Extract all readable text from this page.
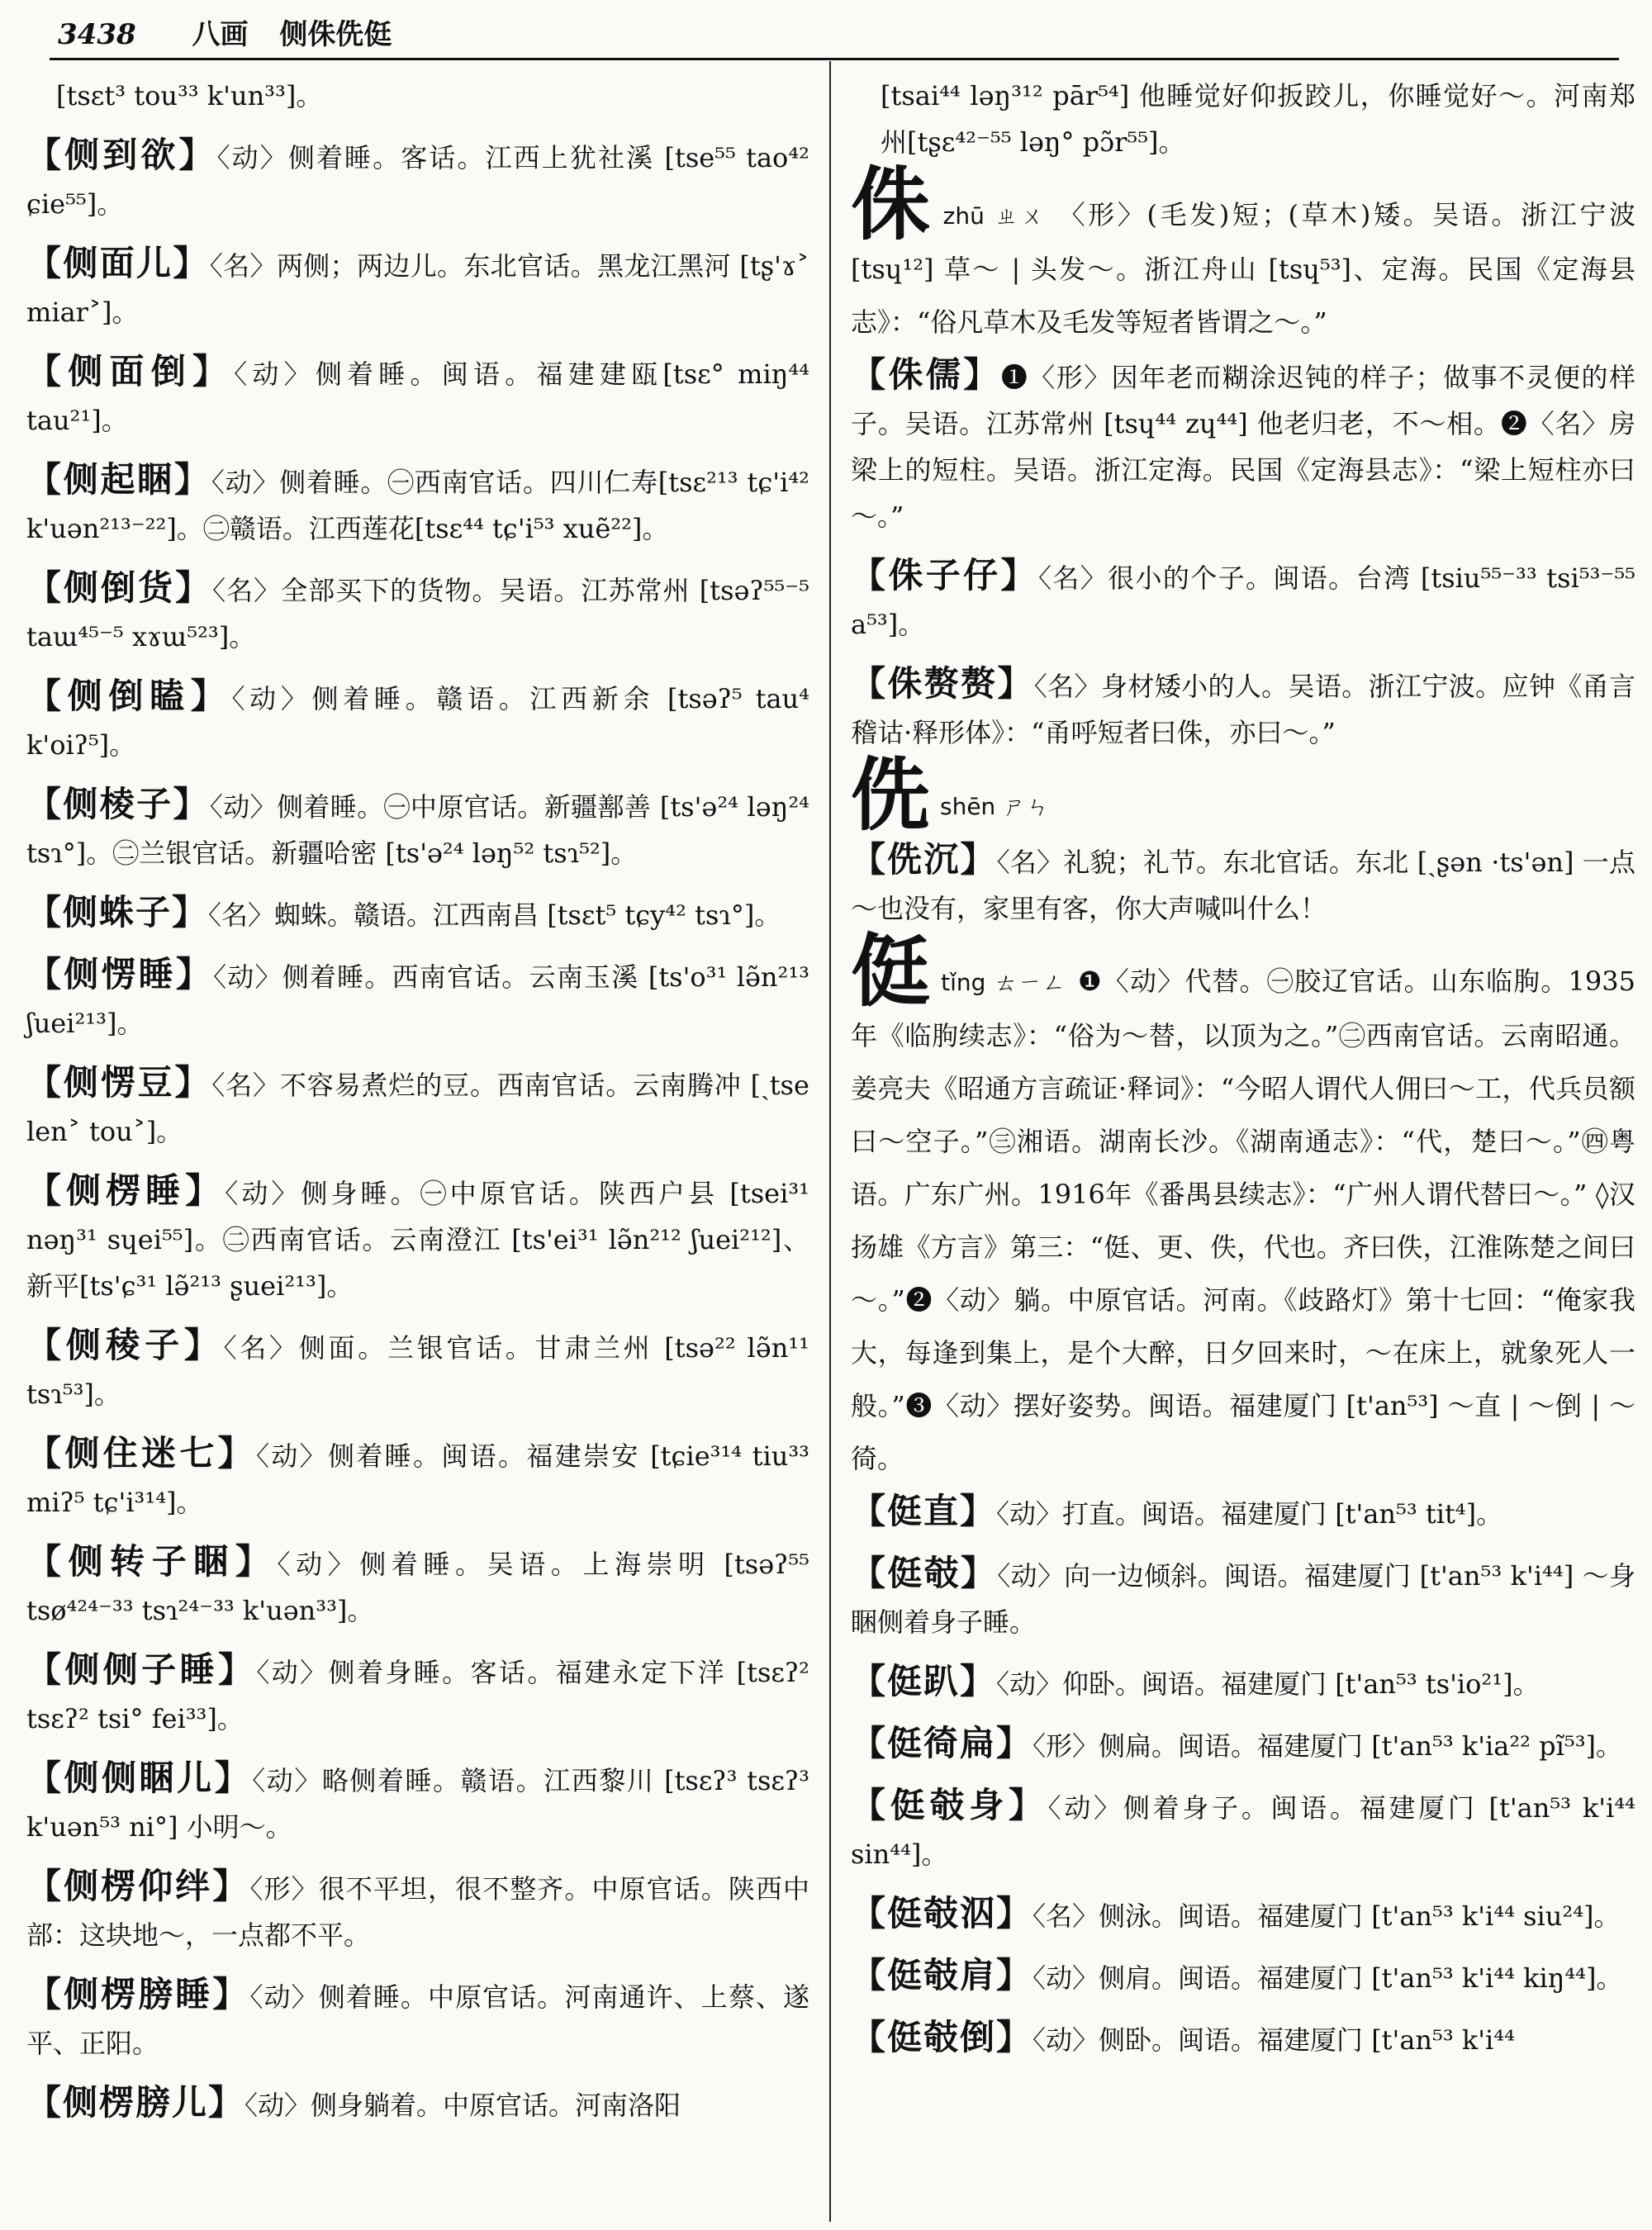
3438 八画 侧侏侁侹
[tsɛt³ tou³³ k'un³³]。
【侧到欲】〈动〉侧着睡。客话。江西上犹社溪 [tse⁵⁵ tao⁴² ɕie⁵⁵]。
【侧面儿】〈名〉两侧；两边儿。东北官话。黑龙江黑河 [tʂ'ɤ˃ miar˃]。
【侧面倒】〈动〉侧着睡。闽语。福建建瓯[tsɛ° miŋ⁴⁴ tau²¹]。
【侧起睏】〈动〉侧着睡。㊀西南官话。四川仁寿[tsɛ²¹³ tɕ'i⁴² k'uən²¹³⁻²²]。㊁赣语。江西莲花[tsɛ⁴⁴ tɕ'i⁵³ xuẽ²²]。
【侧倒货】〈名〉全部买下的货物。吴语。江苏常州 [tsəʔ⁵⁵⁻⁵ taɯ⁴⁵⁻⁵ xɤɯ⁵²³]。
【侧倒瞌】〈动〉侧着睡。赣语。江西新余 [tsəʔ⁵ tau⁴ k'oiʔ⁵]。
【侧棱子】〈动〉侧着睡。㊀中原官话。新疆鄯善 [ts'ə²⁴ ləŋ²⁴ tsɿ°]。㊁兰银官话。新疆哈密 [ts'ə²⁴ ləŋ⁵² tsɿ⁵²]。
【侧蛛子】〈名〉蜘蛛。赣语。江西南昌 [tsɛt⁵ tɕy⁴² tsɿ°]。
【侧愣睡】〈动〉侧着睡。西南官话。云南玉溪 [ts'o³¹ lə̃n²¹³ ʃuei²¹³]。
【侧愣豆】〈名〉不容易煮烂的豆。西南官话。云南腾冲 [ˏtse len˃ tou˃]。
【侧楞睡】〈动〉侧身睡。㊀中原官话。陕西户县 [tsei³¹ nəŋ³¹ sɥei⁵⁵]。㊁西南官话。云南澄江 [ts'ei³¹ lə̃n²¹² ʃuei²¹²]、新平[ts'ɕ³¹ lə̃²¹³ ʂuei²¹³]。
【侧稜子】〈名〉侧面。兰银官话。甘肃兰州 [tsə²² lə̃n¹¹ tsɿ⁵³]。
【侧住迷七】〈动〉侧着睡。闽语。福建崇安 [tɕie³¹⁴ tiu³³ miʔ⁵ tɕ'i³¹⁴]。
【侧转子睏】〈动〉侧着睡。吴语。上海崇明 [tsəʔ⁵⁵ tsø⁴²⁴⁻³³ tsɿ²⁴⁻³³ k'uən³³]。
【侧侧子睡】〈动〉侧着身睡。客话。福建永定下洋 [tsɛʔ² tsɛʔ² tsi° fei³³]。
【侧侧睏儿】〈动〉略侧着睡。赣语。江西黎川 [tsɛʔ³ tsɛʔ³ k'uən⁵³ ni°] 小明～。
【侧楞仰绊】〈形〉很不平坦，很不整齐。中原官话。陕西中部：这块地～，一点都不平。
【侧楞膀睡】〈动〉侧着睡。中原官话。河南通许、上蔡、遂平、正阳。
【侧楞膀儿】〈动〉侧身躺着。中原官话。河南洛阳
[tsai⁴⁴ ləŋ³¹² pār⁵⁴] 他睡觉好仰扳跤儿，你睡觉好～。河南郑州[tʂɛ⁴²⁻⁵⁵ ləŋ° pɔ̃r⁵⁵]。
侏zhū ㄓㄨ 〈形〉(毛发)短；(草木)矮。吴语。浙江宁波 [tsɥ¹²] 草～ | 头发～。浙江舟山 [tsɥ⁵³]、定海。民国《定海县志》：“俗凡草木及毛发等短者皆谓之～。”
【侏儒】❶〈形〉因年老而糊涂迟钝的样子；做事不灵便的样子。吴语。江苏常州 [tsɥ⁴⁴ zɥ⁴⁴] 他老归老，不～相。❷〈名〉房梁上的短柱。吴语。浙江定海。民国《定海县志》：“梁上短柱亦曰～。”
【侏子仔】〈名〉很小的个子。闽语。台湾 [tsiu⁵⁵⁻³³ tsi⁵³⁻⁵⁵ a⁵³]。
【侏赘赘】〈名〉身材矮小的人。吴语。浙江宁波。应钟《甬言稽诂·释形体》：“甬呼短者曰侏，亦曰～。”
侁shēn ㄕㄣ
【侁沉】〈名〉礼貌；礼节。东北官话。东北 [ˏʂən ·ts'ən] 一点～也没有，家里有客，你大声喊叫什么！
侹tǐng ㄊㄧㄥ ❶〈动〉代替。㊀胶辽官话。山东临朐。1935年《临朐续志》：“俗为～替，以顶为之。”㊁西南官话。云南昭通。姜亮夫《昭通方言疏证·释词》：“今昭人谓代人佣曰～工，代兵员额曰～空子。”㊂湘语。湖南长沙。《湖南通志》：“代，楚曰～。”㊃粤语。广东广州。1916年《番禺县续志》：“广州人谓代替曰～。” ◊汉扬雄《方言》第三：“侹、更、佚，代也。齐曰佚，江淮陈楚之间曰～。”❷〈动〉躺。中原官话。河南。《歧路灯》第十七回：“俺家我大，每逢到集上，是个大醉，日夕回来时，～在床上，就象死人一般。”❸〈动〉摆好姿势。闽语。福建厦门 [t'an⁵³] ～直 | ～倒 | ～徛。
【侹直】〈动〉打直。闽语。福建厦门 [t'an⁵³ tit⁴]。
【侹攲】〈动〉向一边倾斜。闽语。福建厦门 [t'an⁵³ k'i⁴⁴] ～身睏侧着身子睡。
【侹趴】〈动〉仰卧。闽语。福建厦门 [t'an⁵³ ts'io²¹]。
【侹徛扁】〈形〉侧扁。闽语。福建厦门 [t'an⁵³ k'ia²² pĩ⁵³]。
【侹攲身】〈动〉侧着身子。闽语。福建厦门 [t'an⁵³ k'i⁴⁴ sin⁴⁴]。
【侹攲泅】〈名〉侧泳。闽语。福建厦门 [t'an⁵³ k'i⁴⁴ siu²⁴]。
【侹攲肩】〈动〉侧肩。闽语。福建厦门 [t'an⁵³ k'i⁴⁴ kiŋ⁴⁴]。
【侹攲倒】〈动〉侧卧。闽语。福建厦门 [t'an⁵³ k'i⁴⁴
